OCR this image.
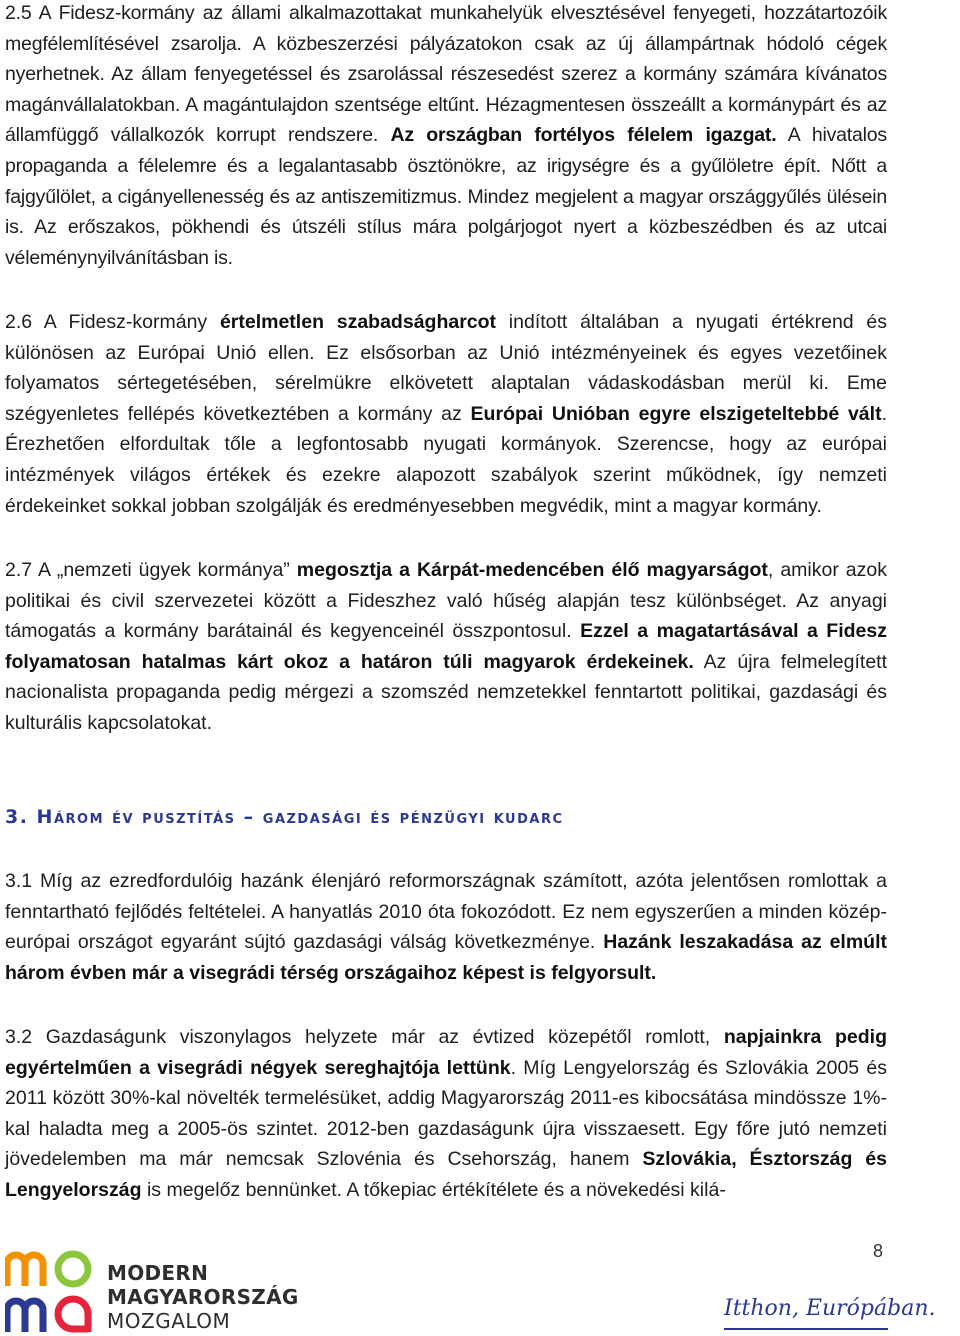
2.5 A Fidesz-kormány az állami alkalmazottakat munkahelyük elvesztésével fenyegeti, hozzátartozóik megfélemlítésével zsarolja. A közbeszerzési pályázatokon csak az új állampártnak hódoló cégek nyerhetnek. Az állam fenyegetéssel és zsarolással részesedést szerez a kormány számára kívánatos magánvállalatokban. A magántulajdon szentsége eltűnt. Hézagmentesen összeállt a kormánypárt és az államfüggő vállalkozók korrupt rendszere. Az országban fortélyos félelem igazgat. A hivatalos propaganda a félelemre és a legalantasabb ösztönökre, az irigységre és a gyűlöletre épít. Nőtt a fajgyűlölet, a cigányellenesség és az antiszemitizmus. Mindez megjelent a magyar országgyűlés ülésein is. Az erőszakos, pökhendi és útszéli stílus mára polgárjogot nyert a közbeszédben és az utcai véleménynyilvánításban is.

2.6 A Fidesz-kormány értelmetlen szabadságharcot indított általában a nyugati értékrend és különösen az Európai Unió ellen. Ez elsősorban az Unió intézményeinek és egyes vezetőinek folyamatos sértegetésében, sérelmükre elkövetett alaptalan vádaskodásban merül ki. Eme szégyenletes fellépés következtében a kormány az Európai Unióban egyre elszigeteltebbé vált. Érezhetően elfordultak tőle a legfontosabb nyugati kormányok. Szerencse, hogy az európai intézmények világos értékek és ezekre alapozott szabályok szerint működnek, így nemzeti érdekeinket sokkal jobban szolgálják és eredményesebben megvédik, mint a magyar kormány.

2.7 A „nemzeti ügyek kormánya” megosztja a Kárpát-medencében élő magyarságot, amikor azok politikai és civil szervezetei között a Fideszhez való hűség alapján tesz különbséget. Az anyagi támogatás a kormány barátainál és kegyenceinél összpontosul. Ezzel a magatartásával a Fidesz folyamatosan hatalmas kárt okoz a határon túli magyarok érdekeinek. Az újra felmelegített nacionalista propaganda pedig mérgezi a szomszéd nemzetekkel fenntartott politikai, gazdasági és kulturális kapcsolatokat.

3. Három év pusztítás – gazdasági és pénzügyi kudarc

3.1 Míg az ezredfordulóig hazánk élenjáró reformországnak számított, azóta jelentősen romlottak a fenntartható fejlődés feltételei. A hanyatlás 2010 óta fokozódott. Ez nem egyszerűen a minden közép-európai országot egyaránt sújtó gazdasági válság következménye. Hazánk leszakadása az elmúlt három évben már a visegrádi térség országaihoz képest is felgyorsult.

3.2 Gazdaságunk viszonylagos helyzete már az évtized közepétől romlott, napjainkra pedig egyértelműen a visegrádi négyek sereghajtója lettünk. Míg Lengyelország és Szlovákia 2005 és 2011 között 30%-kal növelték termelésüket, addig Magyarország 2011-es kibocsátása mindössze 1%-kal haladta meg a 2005-ös szintet. 2012-ben gazdaságunk újra visszaesett. Egy főre jutó nemzeti jövedelemben ma már nemcsak Szlovénia és Csehország, hanem Szlovákia, Észtország és Lengyelország is megelőz bennünket. A tőkepiac értékítélete és a növekedési kilá-

8
MODERN
MAGYARORSZÁG
MOZGALOM	Itthon, Európában.
